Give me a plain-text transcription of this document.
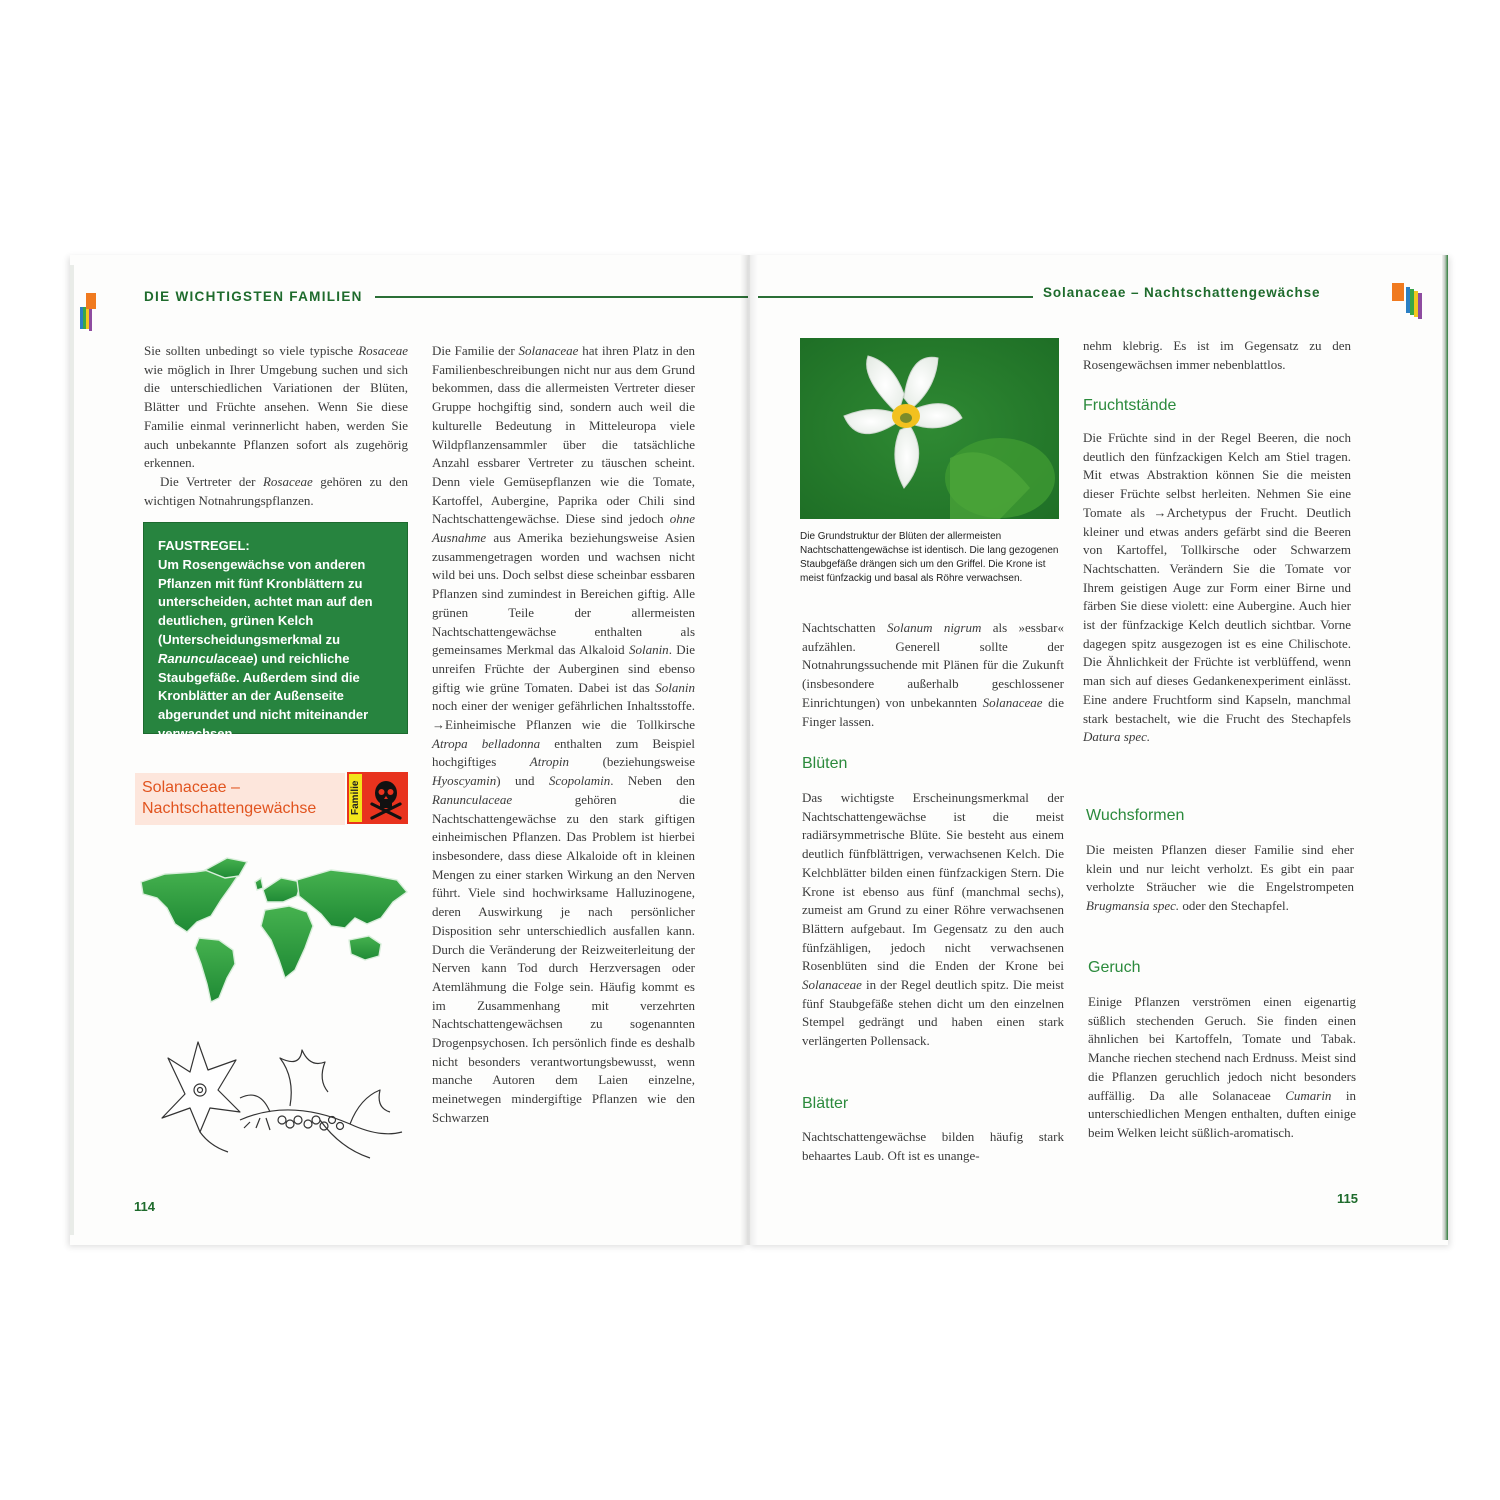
DIE WICHTIGSTEN FAMILIEN

Sie sollten unbedingt so viele typische Rosaceae wie möglich in Ihrer Umgebung suchen und sich die unterschiedlichen Variationen der Blüten, Blätter und Früchte ansehen. Wenn Sie diese Familie einmal verinnerlicht haben, werden Sie auch unbekannte Pflanzen sofort als zugehörig erkennen.

Die Vertreter der Rosaceae gehören zu den wichtigen Notnahrungspflanzen.

FAUSTREGEL:
Um Rosengewächse von anderen Pflanzen mit fünf Kronblättern zu unterscheiden, achtet man auf den deutlichen, grünen Kelch (Unterscheidungsmerkmal zu Ranunculaceae) und reichliche Staubgefäße. Außerdem sind die Kronblätter an der Außenseite abgerundet und nicht miteinander verwachsen.
Solanaceae –
Nachtschattengewächse	Familie

Die Familie der Solanaceae hat ihren Platz in den Familienbeschreibungen nicht nur aus dem Grund bekommen, dass die allermeisten Vertreter dieser Gruppe hochgiftig sind, sondern auch weil die kulturelle Bedeutung in Mitteleuropa viele Wildpflanzensammler über die tatsächliche Anzahl essbarer Vertreter zu täuschen scheint. Denn viele Gemüsepflanzen wie die Tomate, Kartoffel, Aubergine, Paprika oder Chili sind Nachtschattengewächse. Diese sind jedoch ohne Ausnahme aus Amerika beziehungsweise Asien zusammengetragen worden und wachsen nicht wild bei uns. Doch selbst diese scheinbar essbaren Pflanzen sind zumindest in Bereichen giftig. Alle grünen Teile der allermeisten Nachtschattengewächse enthalten als gemeinsames Merkmal das Alkaloid Solanin. Die unreifen Früchte der Auberginen sind ebenso giftig wie grüne Tomaten. Dabei ist das Solanin noch einer der weniger gefährlichen Inhaltsstoffe. →Einheimische Pflanzen wie die Tollkirsche Atropa belladonna enthalten zum Beispiel hochgiftiges Atropin (beziehungsweise Hyoscyamin) und Scopolamin. Neben den Ranunculaceae gehören die Nachtschattengewächse zu den stark giftigen einheimischen Pflanzen. Das Problem ist hierbei insbesondere, dass diese Alkaloide oft in kleinen Mengen zu einer starken Wirkung an den Nerven führt. Viele sind hochwirksame Halluzinogene, deren Auswirkung je nach persönlicher Disposition sehr unterschiedlich ausfallen kann. Durch die Veränderung der Reizweiterleitung der Nerven kann Tod durch Herzversagen oder Atemlähmung die Folge sein. Häufig kommt es im Zusammenhang mit verzehrten Nachtschattengewächsen zu sogenannten Drogenpsychosen. Ich persönlich finde es deshalb nicht besonders verantwortungsbewusst, wenn manche Autoren dem Laien einzelne, meinetwegen mindergiftige Pflanzen wie den Schwarzen

114
Solanaceae – Nachtschattengewächse
Die Grundstruktur der Blüten der allermeisten Nachtschattengewächse ist identisch. Die lang gezogenen Staubgefäße drängen sich um den Griffel. Die Krone ist meist fünfzackig und basal als Röhre verwachsen.

Nachtschatten Solanum nigrum als »essbar« aufzählen. Generell sollte der Notnahrungssuchende mit Plänen für die Zukunft (insbesondere außerhalb geschlossener Einrichtungen) von unbekannten Solanaceae die Finger lassen.

Blüten

Das wichtigste Erscheinungsmerkmal der Nachtschattengewächse ist die meist radiärsymmetrische Blüte. Sie besteht aus einem deutlich fünfblättrigen, verwachsenen Kelch. Die Kelchblätter bilden einen fünfzackigen Stern. Die Krone ist ebenso aus fünf (manchmal sechs), zumeist am Grund zu einer Röhre verwachsenen Blättern aufgebaut. Im Gegensatz zu den auch fünfzähligen, jedoch nicht verwachsenen Rosenblüten sind die Enden der Krone bei Solanaceae in der Regel deutlich spitz. Die meist fünf Staubgefäße stehen dicht um den einzelnen Stempel gedrängt und haben einen stark verlängerten Pollensack.

Blätter

Nachtschattengewächse bilden häufig stark behaartes Laub. Oft ist es unange-

nehm klebrig. Es ist im Gegensatz zu den Rosengewächsen immer nebenblattlos.

Fruchtstände

Die Früchte sind in der Regel Beeren, die noch deutlich den fünfzackigen Kelch am Stiel tragen. Mit etwas Abstraktion können Sie die meisten dieser Früchte selbst herleiten. Nehmen Sie eine Tomate als →Archetypus der Frucht. Deutlich kleiner und etwas anders gefärbt sind die Beeren von Kartoffel, Tollkirsche oder Schwarzem Nachtschatten. Verändern Sie die Tomate vor Ihrem geistigen Auge zur Form einer Birne und färben Sie diese violett: eine Aubergine. Auch hier ist der fünfzackige Kelch deutlich sichtbar. Vorne dagegen spitz ausgezogen ist es eine Chilischote. Die Ähnlichkeit der Früchte ist verblüffend, wenn man sich auf dieses Gedankenexperiment einlässt. Eine andere Fruchtform sind Kapseln, manchmal stark bestachelt, wie die Frucht des Stechapfels Datura spec.

Wuchsformen

Die meisten Pflanzen dieser Familie sind eher klein und nur leicht verholzt. Es gibt ein paar verholzte Sträucher wie die Engelstrompeten Brugmansia spec. oder den Stechapfel.

Geruch

Einige Pflanzen verströmen einen eigenartig süßlich stechenden Geruch. Sie finden einen ähnlichen bei Kartoffeln, Tomate und Tabak. Manche riechen stechend nach Erdnuss. Meist sind die Pflanzen geruchlich jedoch nicht besonders auffällig. Da alle Solanaceae Cumarin in unterschiedlichen Mengen enthalten, duften einige beim Welken leicht süßlich-aromatisch.

115
